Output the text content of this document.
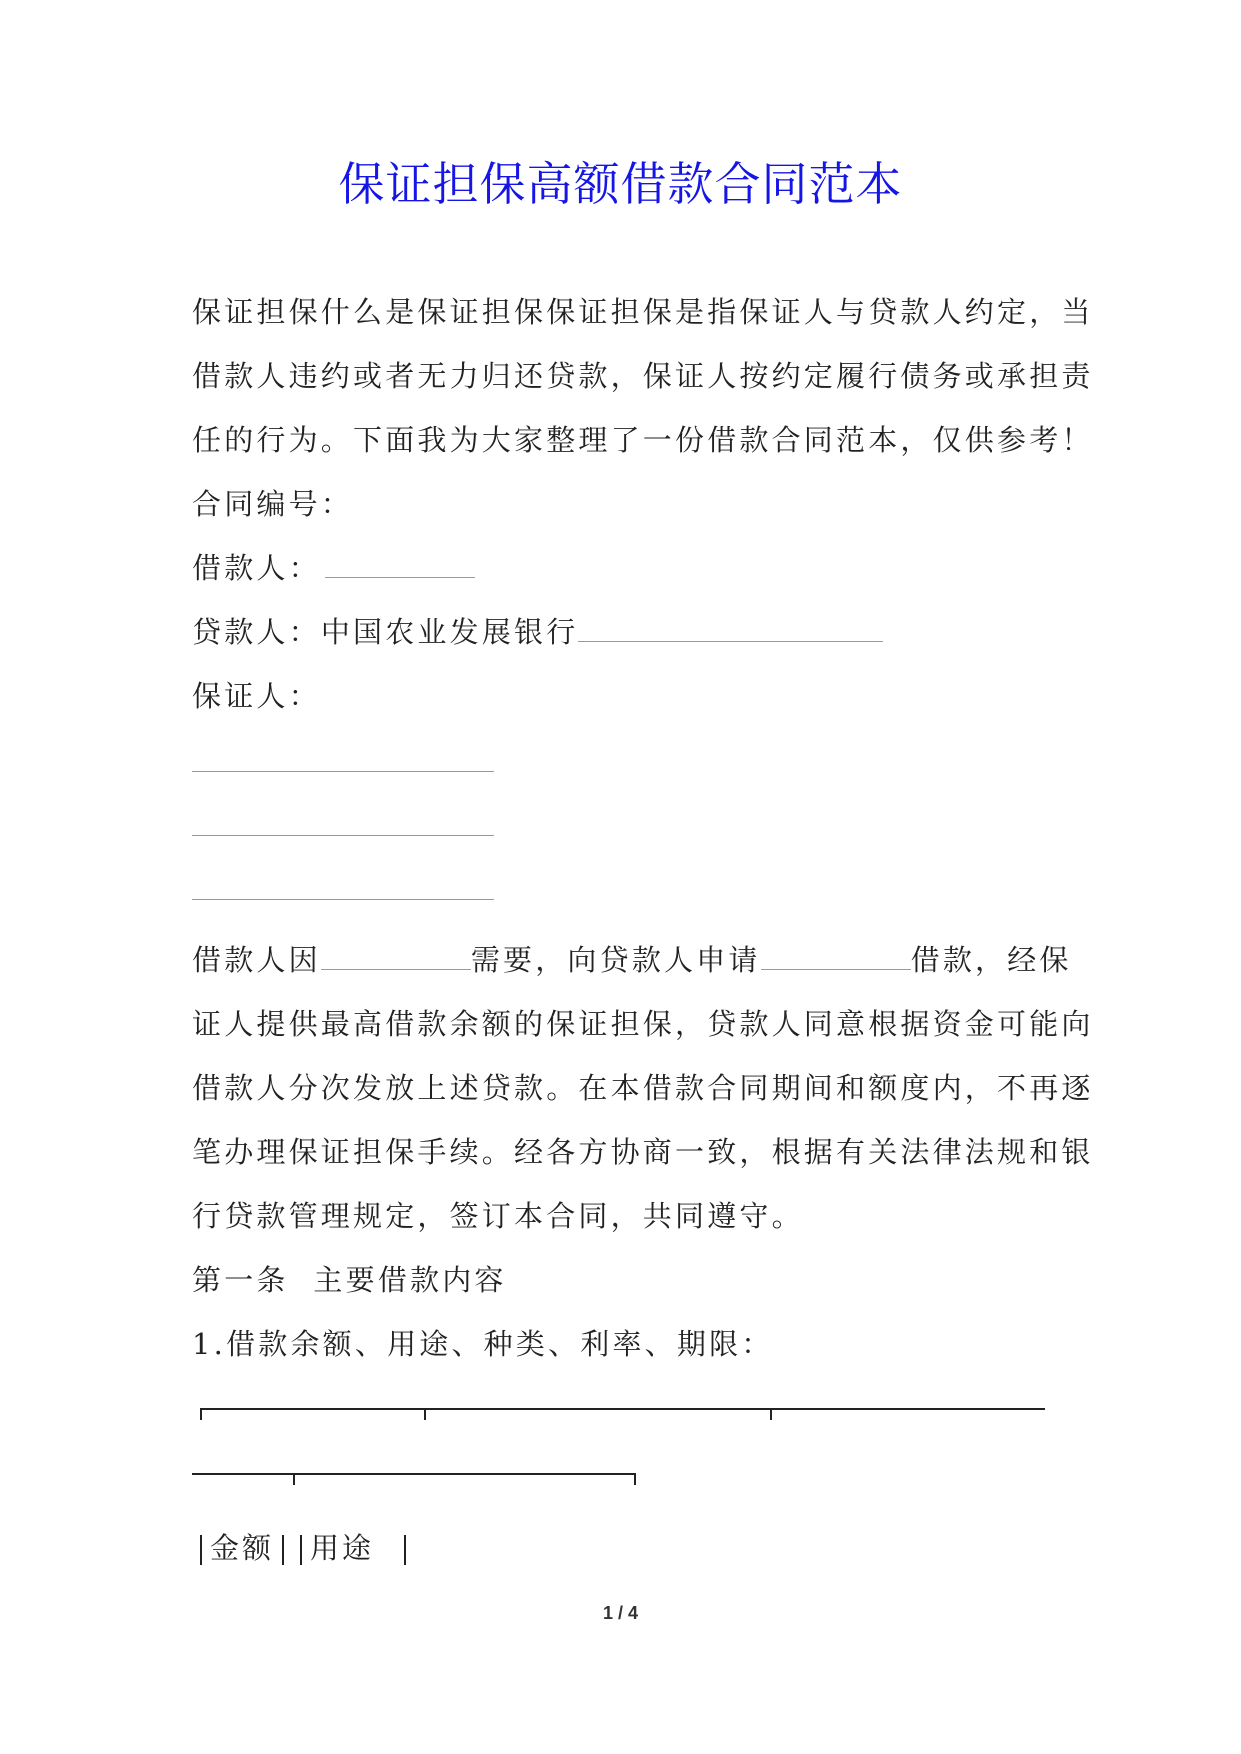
保证担保高额借款合同范本

保证担保什么是保证担保保证担保是指保证人与贷款人约定，当

借款人违约或者无力归还贷款，保证人按约定履行债务或承担责

任的行为。下面我为大家整理了一份借款合同范本，仅供参考！

合同编号：

借款人：

贷款人：中国农业发展银行

保证人：

借款人因	需要，向贷款人申请	借款，经保

证人提供最高借款余额的保证担保，贷款人同意根据资金可能向

借款人分次发放上述贷款。在本借款合同期间和额度内，不再逐

笔办理保证担保手续。经各方协商一致，根据有关法律法规和银

行贷款管理规定，签订本合同，共同遵守。

第一条  主要借款内容

1.借款余额、用途、种类、利率、期限：

金额 用途
1 / 4
